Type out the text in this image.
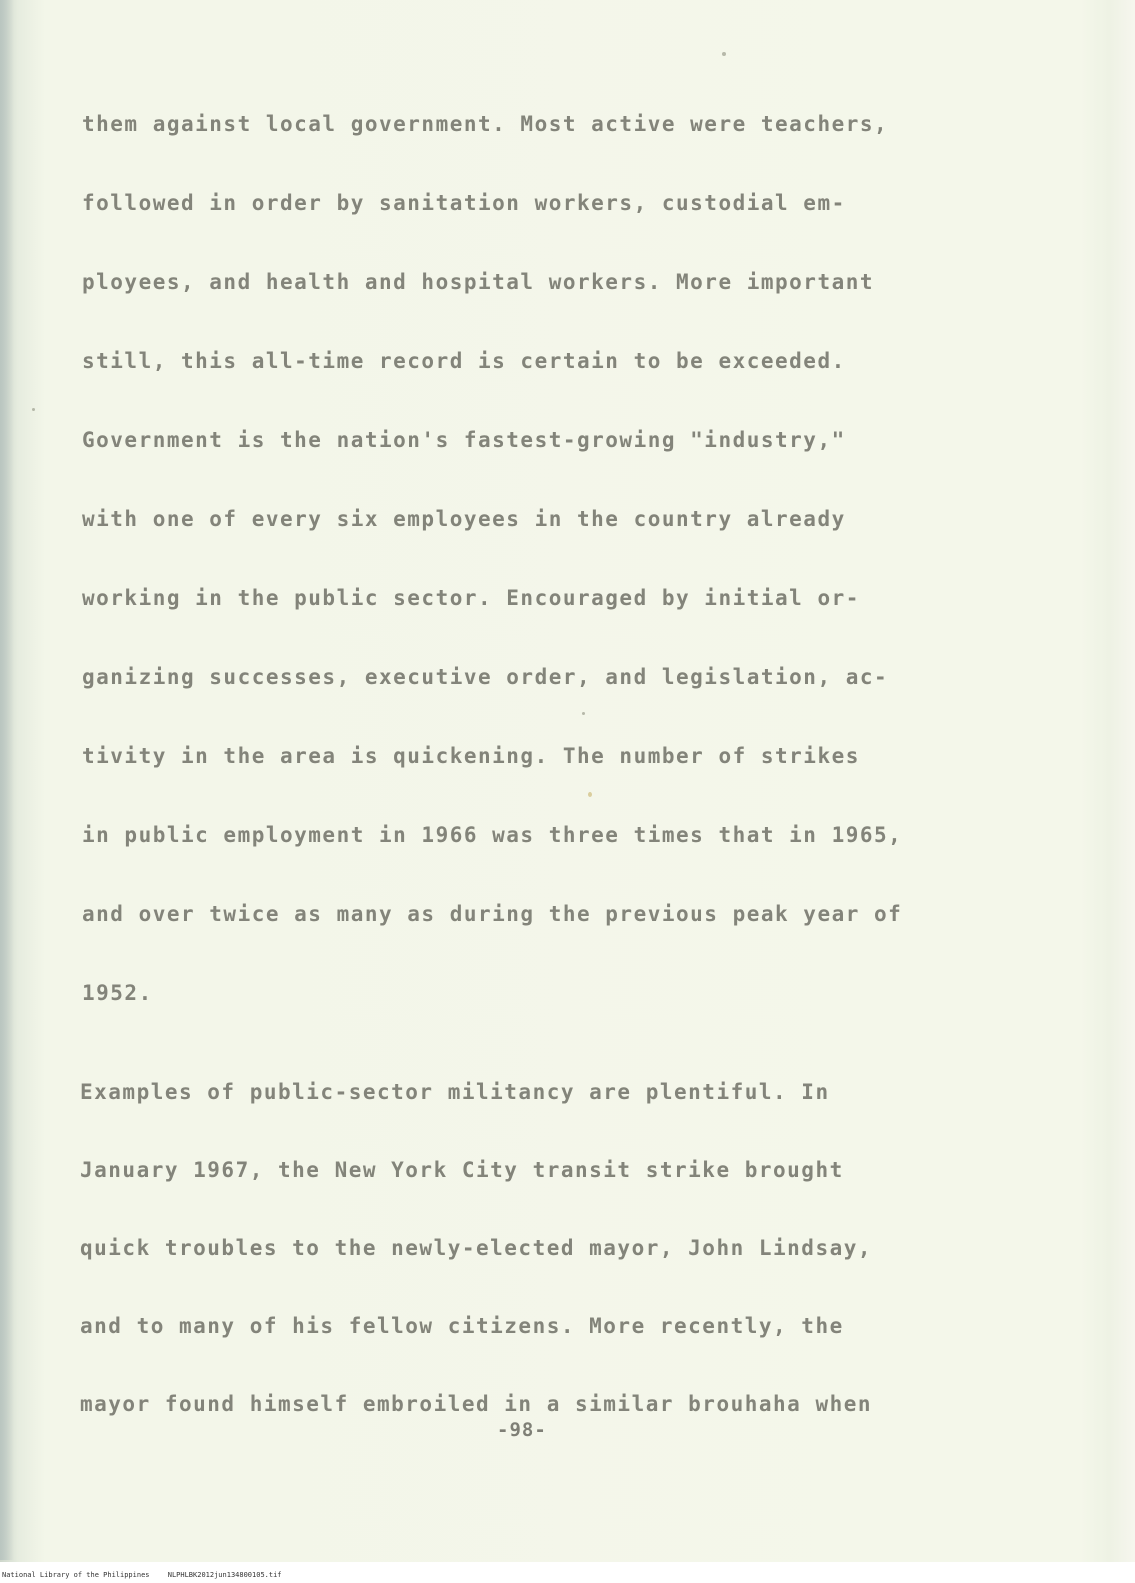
them against local government. Most active were teachers,
followed in order by sanitation workers, custodial em-
ployees, and health and hospital workers. More important
still, this all-time record is certain to be exceeded.
Government is the nation's fastest-growing "industry,"
with one of every six employees in the country already
working in the public sector. Encouraged by initial or-
ganizing successes, executive order, and legislation, ac-
tivity in the area is quickening. The number of strikes
in public employment in 1966 was three times that in 1965,
and over twice as many as during the previous peak year of
1952.
Examples of public-sector militancy are plentiful. In
January 1967, the New York City transit strike brought
quick troubles to the newly-elected mayor, John Lindsay,
and to many of his fellow citizens. More recently, the
mayor found himself embroiled in a similar brouhaha when
-98-
National Library of the Philippines	NLPHLBK2012jun134800105.tif
